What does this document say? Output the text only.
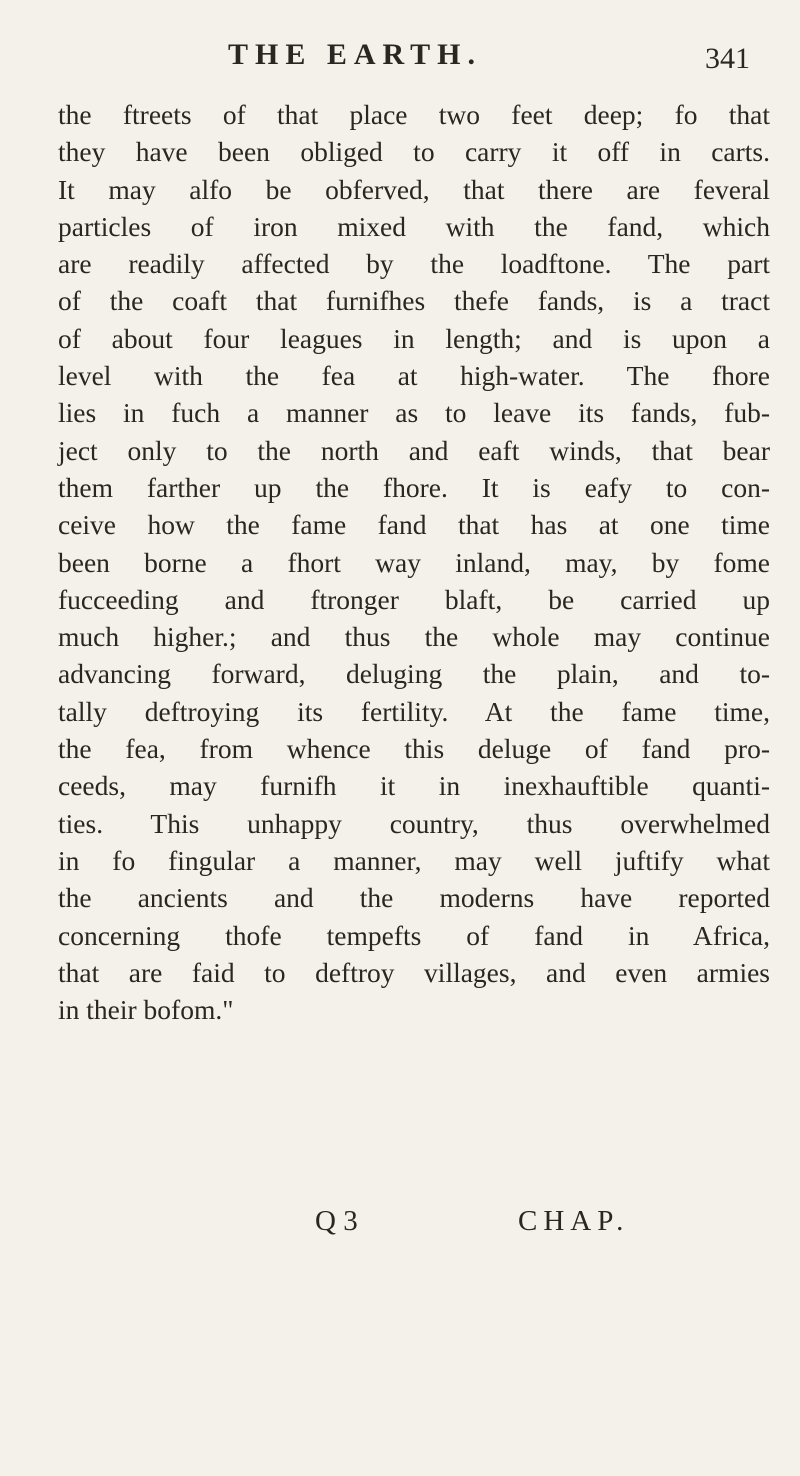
THE EARTH.	341
the ftreets of that place two feet deep; fo that
they have been obliged to carry it off in carts.
It may alfo be obferved, that there are feveral
particles of iron mixed with the fand, which
are readily affected by the loadftone. The part
of the coaft that furnifhes thefe fands, is a tract
of about four leagues in length; and is upon a
level with the fea at high-water. The fhore
lies in fuch a manner as to leave its fands, fub-
ject only to the north and eaft winds, that bear
them farther up the fhore. It is eafy to con-
ceive how the fame fand that has at one time
been borne a fhort way inland, may, by fome
fucceeding and ftronger blaft, be carried up
much higher.; and thus the whole may continue
advancing forward, deluging the plain, and to-
tally deftroying its fertility. At the fame time,
the fea, from whence this deluge of fand pro-
ceeds, may furnifh it in inexhauftible quanti-
ties. This unhappy country, thus overwhelmed
in fo fingular a manner, may well juftify what
the ancients and the moderns have reported
concerning thofe tempefts of fand in Africa,
that are faid to deftroy villages, and even armies
in their bofom."
Q 3	CHAP.
